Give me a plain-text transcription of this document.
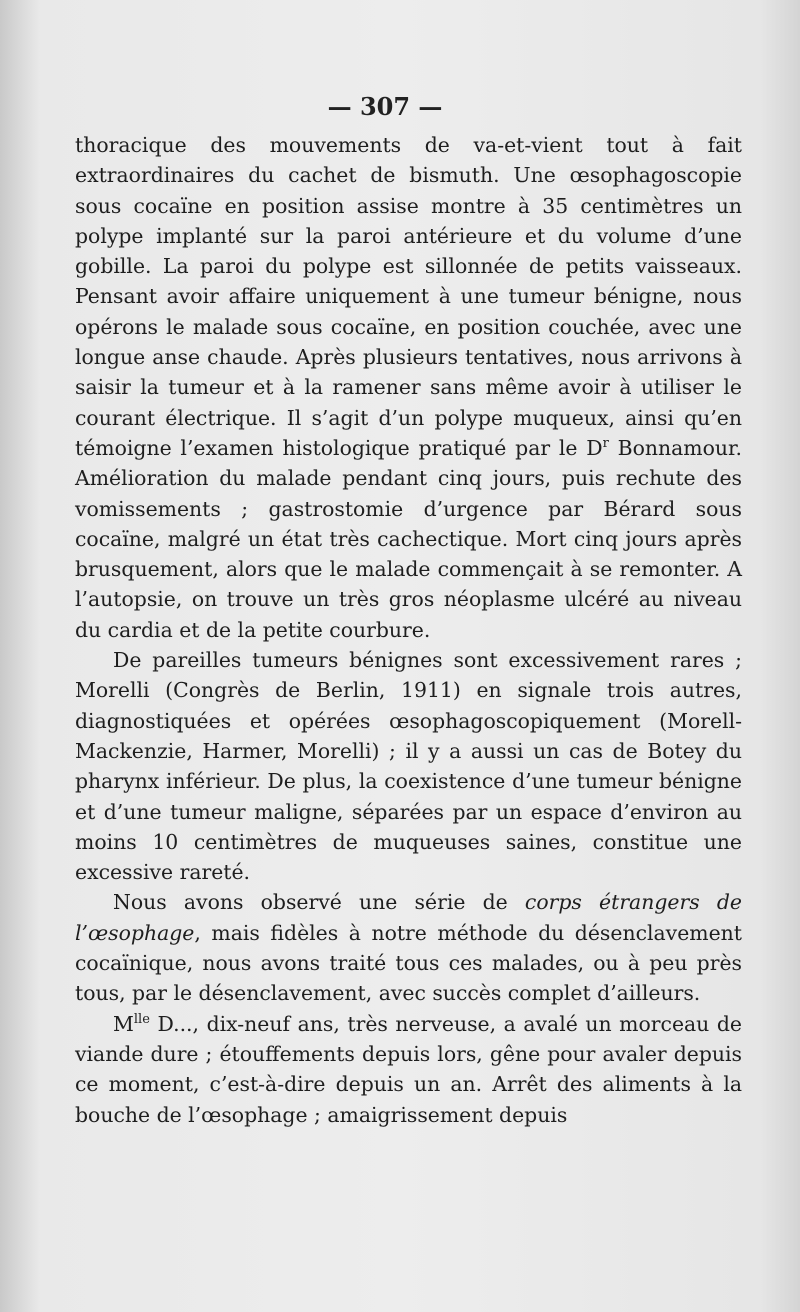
— 307 —

thoracique des mouvements de va-et-vient tout à fait extraordinaires du cachet de bismuth. Une œsophagoscopie sous cocaïne en position assise montre à 35 centimètres un polype implanté sur la paroi antérieure et du volume d’une gobille. La paroi du polype est sillonnée de petits vaisseaux. Pensant avoir affaire uniquement à une tumeur bénigne, nous opérons le malade sous cocaïne, en position couchée, avec une longue anse chaude. Après plusieurs tentatives, nous arrivons à saisir la tumeur et à la ramener sans même avoir à utiliser le courant électrique. Il s’agit d’un polype muqueux, ainsi qu’en témoigne l’examen histologique pratiqué par le $D^r$ Bonnamour. Amélioration du malade pendant cinq jours, puis rechute des vomissements ; gastrostomie d’urgence par Bérard sous cocaïne, malgré un état très cachectique. Mort cinq jours après brusquement, alors que le malade commençait à se remonter. A l’autopsie, on trouve un très gros néoplasme ulcéré au niveau du cardia et de la petite courbure.

De pareilles tumeurs bénignes sont excessivement rares ; Morelli (Congrès de Berlin, 1911) en signale trois autres, diagnostiquées et opérées œsophagoscopiquement (Morell-Mackenzie, Harmer, Morelli) ; il y a aussi un cas de Botey du pharynx inférieur. De plus, la coexistence d’une tumeur bénigne et d’une tumeur maligne, séparées par un espace d’environ au moins 10 centimètres de muqueuses saines, constitue une excessive rareté.

Nous avons observé une série de corps étrangers de l’œsophage, mais fidèles à notre méthode du désenclavement cocaïnique, nous avons traité tous ces malades, ou à peu près tous, par le désenclavement, avec succès complet d’ailleurs.

$M^{lle}$ D..., dix-neuf ans, très nerveuse, a avalé un morceau de viande dure ; étouffements depuis lors, gêne pour avaler depuis ce moment, c’est-à-dire depuis un an. Arrêt des aliments à la bouche de l’œsophage ; amaigrissement depuis
